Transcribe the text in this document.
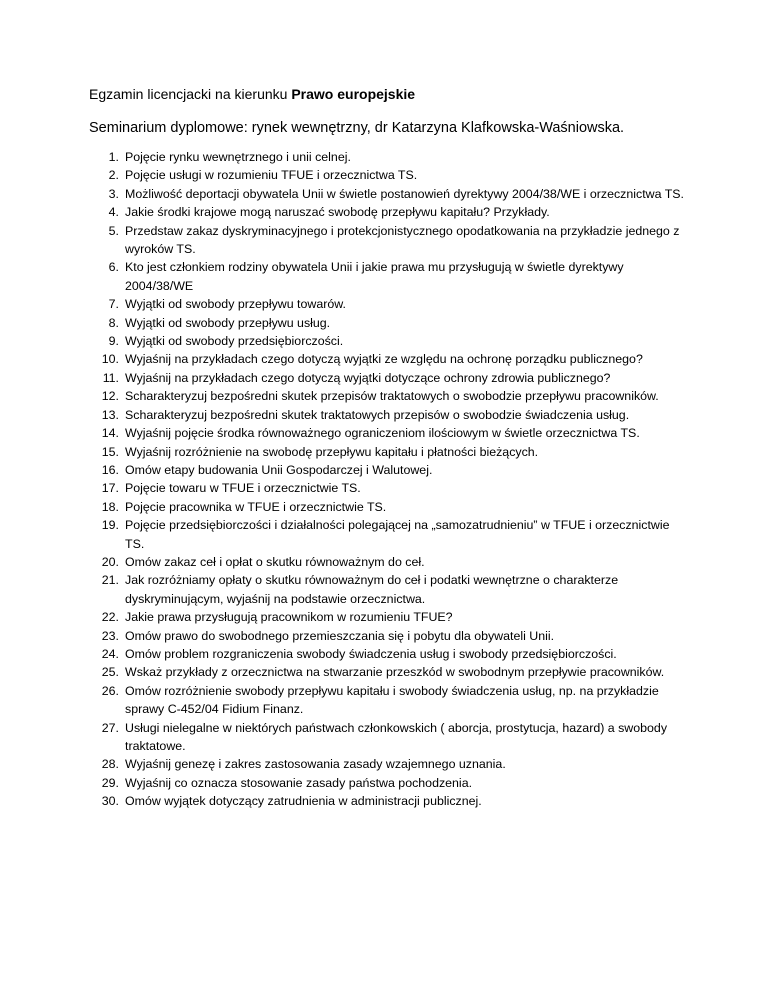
Egzamin licencjacki na kierunku Prawo europejskie
Seminarium dyplomowe: rynek wewnętrzny, dr Katarzyna Klafkowska-Waśniowska.
1. Pojęcie rynku wewnętrznego i unii celnej.
2. Pojęcie usługi w rozumieniu TFUE i orzecznictwa TS.
3. Możliwość deportacji obywatela Unii w świetle postanowień dyrektywy 2004/38/WE i orzecznictwa TS.
4. Jakie środki krajowe mogą naruszać swobodę przepływu kapitału? Przykłady.
5. Przedstaw zakaz dyskryminacyjnego i protekcjonistycznego opodatkowania na przykładzie jednego z wyroków TS.
6. Kto jest członkiem rodziny obywatela Unii i jakie prawa mu przysługują w świetle dyrektywy 2004/38/WE
7. Wyjątki od swobody przepływu towarów.
8. Wyjątki od swobody przepływu usług.
9. Wyjątki od swobody przedsiębiorczości.
10. Wyjaśnij na przykładach czego dotyczą wyjątki ze względu na ochronę porządku publicznego?
11. Wyjaśnij na przykładach czego dotyczą wyjątki dotyczące ochrony zdrowia publicznego?
12. Scharakteryzuj bezpośredni skutek przepisów traktatowych o swobodzie przepływu pracowników.
13. Scharakteryzuj bezpośredni skutek traktatowych przepisów o swobodzie świadczenia usług.
14. Wyjaśnij pojęcie środka równoważnego ograniczeniom ilościowym w świetle orzecznictwa TS.
15. Wyjaśnij rozróżnienie na swobodę przepływu kapitału i płatności bieżących.
16. Omów etapy budowania Unii Gospodarczej i Walutowej.
17. Pojęcie towaru w TFUE i orzecznictwie TS.
18. Pojęcie pracownika w TFUE i orzecznictwie TS.
19. Pojęcie przedsiębiorczości i działalności polegającej na „samozatrudnieniu” w TFUE i orzecznictwie TS.
20. Omów zakaz ceł i opłat o skutku równoważnym do ceł.
21. Jak rozróżniamy opłaty o skutku równoważnym do ceł i podatki wewnętrzne o charakterze dyskryminującym, wyjaśnij na podstawie orzecznictwa.
22. Jakie prawa przysługują pracownikom w rozumieniu TFUE?
23. Omów prawo do swobodnego przemieszczania się i pobytu dla obywateli Unii.
24. Omów problem rozgraniczenia swobody świadczenia usług i swobody przedsiębiorczości.
25. Wskaż przykłady z orzecznictwa na stwarzanie przeszkód w swobodnym przepływie pracowników.
26. Omów rozróżnienie swobody przepływu kapitału i swobody świadczenia usług, np. na przykładzie sprawy C-452/04 Fidium Finanz.
27. Usługi nielegalne w niektórych państwach członkowskich ( aborcja, prostytucja, hazard) a swobody traktatowe.
28. Wyjaśnij genezę i zakres zastosowania zasady wzajemnego uznania.
29. Wyjaśnij co oznacza stosowanie zasady państwa pochodzenia.
30. Omów wyjątek dotyczący zatrudnienia w administracji publicznej.
